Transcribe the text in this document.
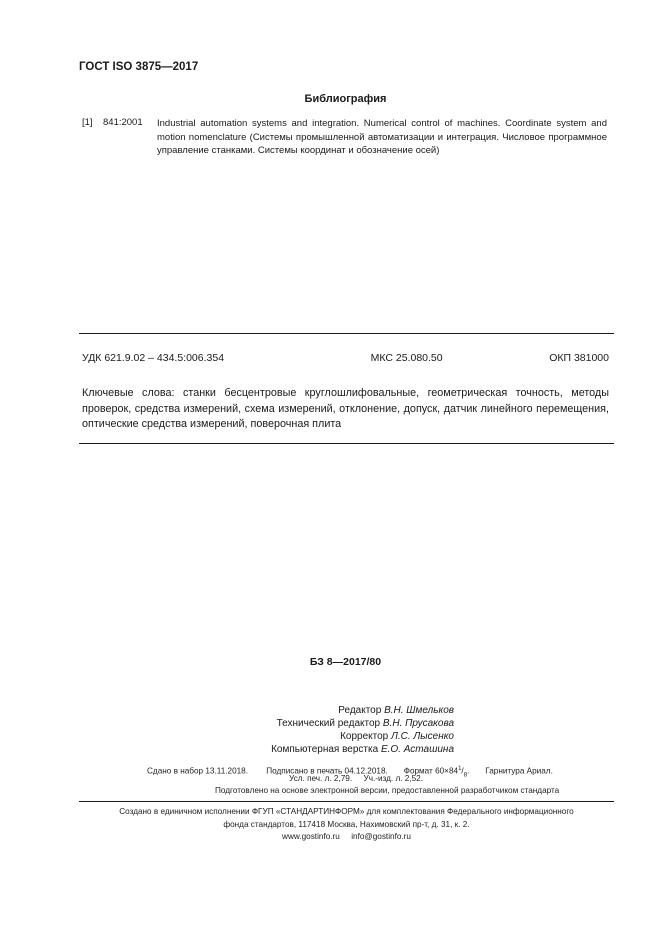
ГОСТ ISO 3875—2017
Библиография
[1] 841:2001 Industrial automation systems and integration. Numerical control of machines. Coordinate system and motion nomenclature (Системы промышленной автоматизации и интеграция. Числовое программное управление станками. Системы координат и обозначение осей)
УДК 621.9.02 – 434.5:006.354	МКС 25.080.50	ОКП 381000
Ключевые слова: станки бесцентровые круглошлифовальные, геометрическая точность, методы проверок, средства измерений, схема измерений, отклонение, допуск, датчик линейного перемещения, оптические средства измерений, поверочная плита
БЗ 8—2017/80
Редактор В.Н. Шмельков
Технический редактор В.Н. Прусакова
Корректор Л.С. Лысенко
Компьютерная верстка Е.О. Асташина
Сдано в набор 13.11.2018. Подписано в печать 04.12.2018. Формат $60\times 84^1/_8$.       Гарнитура Ариал.
Усл. печ. л. 2,79. Уч.-изд. л. 2,52.
Подготовлено на основе электронной версии, предоставленной разработчиком стандарта
Создано в единичном исполнении ФГУП «СТАНДАРТИНФОРМ» для комплектования Федерального информационного
фонда стандартов, 117418 Москва, Нахимовский пр-т, д. 31, к. 2.
www.gostinfo.ru info@gostinfo.ru
